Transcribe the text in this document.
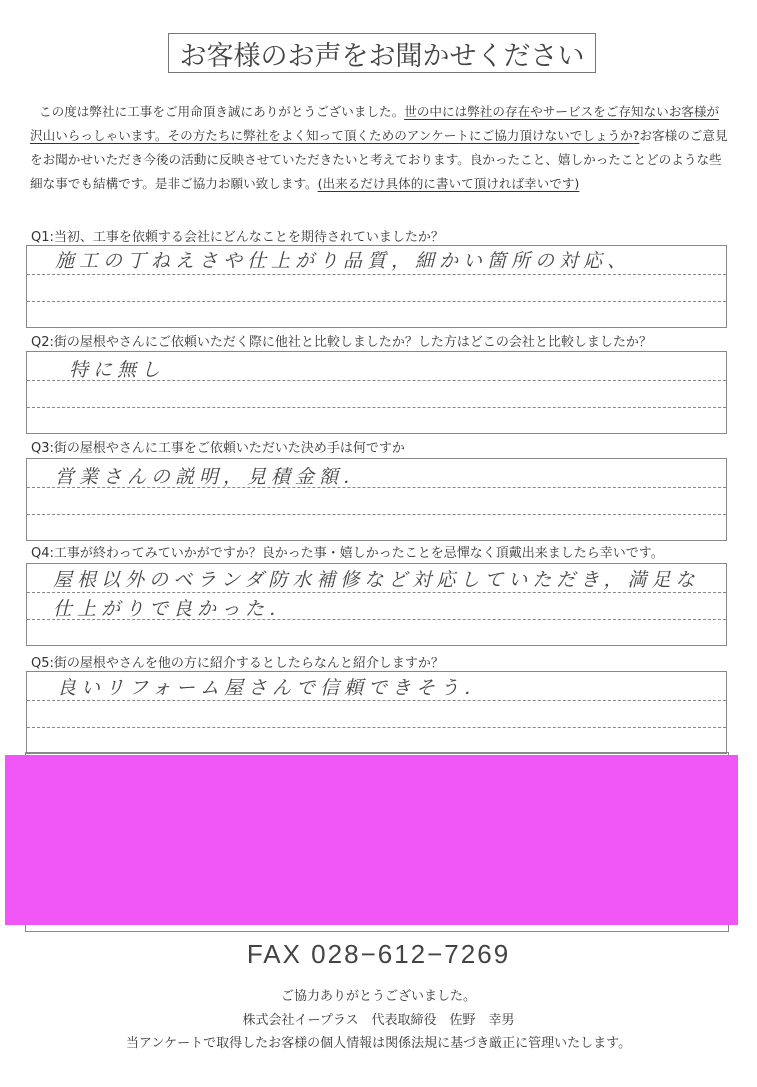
お客様のお声をお聞かせください
この度は弊社に工事をご用命頂き誠にありがとうございました。世の中には弊社の存在やサービスをご存知ないお客様が沢山いらっしゃいます。その方たちに弊社をよく知って頂くためのアンケートにご協力頂けないでしょうか?お客様のご意見をお聞かせいただき今後の活動に反映させていただきたいと考えております。良かったこと、嬉しかったことどのような些細な事でも結構です。是非ご協力お願い致します。(出来るだけ具体的に書いて頂ければ幸いです)
Q1:当初、工事を依頼する会社にどんなことを期待されていましたか？
施工の丁ねえさや仕上がり品質，細かい箇所の対応、
Q2:街の屋根やさんにご依頼いただく際に他社と比較しましたか？した方はどこの会社と比較しましたか？
特に無し
Q3:街の屋根やさんに工事をご依頼いただいた決め手は何ですか
営業さんの説明，見積金額．
Q4:工事が終わってみていかがですか？良かった事・嬉しかったことを忌憚なく頂戴出来ましたら幸いです。
屋根以外のベランダ防水補修など対応していただき，満足な
仕上がりで良かった．
Q5:街の屋根やさんを他の方に紹介するとしたらなんと紹介しますか？
良いリフォーム屋さんで信頼できそう．
FAX 028−612−7269
ご協力ありがとうございました。
株式会社イープラス　代表取締役　佐野　幸男
当アンケートで取得したお客様の個人情報は関係法規に基づき厳正に管理いたします。
